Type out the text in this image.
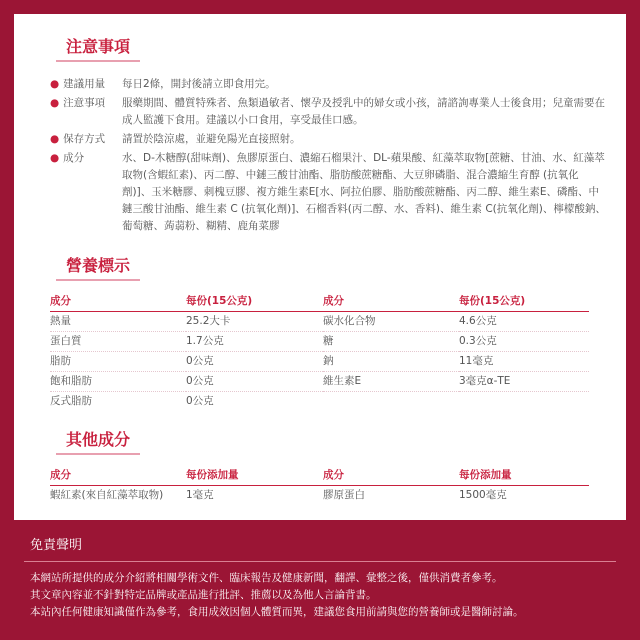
注意事項
● 建議用量	每日2條，開封後請立即食用完。
● 注意事項	服藥期間、體質特殊者、魚類過敏者、懷孕及授乳中的婦女或小孩，請諮詢專業人士後食用；兒童需要在成人監護下食用。建議以小口食用，享受最佳口感。
● 保存方式	請置於陰涼處，並避免陽光直接照射。
● 成分	水、D-木糖醇(甜味劑)、魚膠原蛋白、濃縮石榴果汁、DL-蘋果酸、紅藻萃取物[蔗糖、甘油、水、紅藻萃取物(含蝦紅素)、丙二醇、中鏈三酸甘油酯、脂肪酸蔗糖酯、大豆卵磷脂、混合濃縮生育醇 (抗氧化劑)]、玉米糖膠、刺槐豆膠、複方維生素E[水、阿拉伯膠、脂肪酸蔗糖酯、丙二醇、維生素E、磷酯、中鏈三酸甘油酯、維生素 C (抗氧化劑)]、石榴香料(丙二醇、水、香料)、維生素 C(抗氧化劑)、檸檬酸鈉、葡萄糖、蒟蒻粉、糊精、鹿角菜膠
營養標示
成分	每份(15公克)	成分	每份(15公克)
熱量	25.2大卡	碳水化合物	4.6公克
蛋白質	1.7公克	糖	0.3公克
脂肪	0公克	鈉	11毫克
飽和脂肪	0公克	維生素E	3毫克α-TE
反式脂肪	0公克
其他成分
成分	每份添加量	成分	每份添加量
蝦紅素(來自紅藻萃取物)	1毫克	膠原蛋白	1500毫克
免責聲明
本網站所提供的成分介紹將相關學術文件、臨床報告及健康新聞，翻譯、彙整之後，僅供消費者參考。
其文章內容並不針對特定品牌或產品進行批評、推薦以及為他人言論背書。
本站內任何健康知識僅作為參考，食用成效因個人體質而異，建議您食用前請與您的營養師或是醫師討論。
